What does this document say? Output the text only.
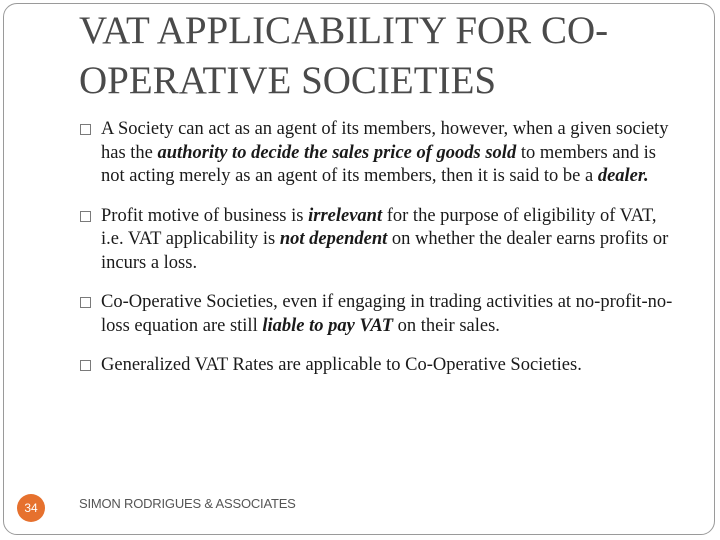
VAT APPLICABILITY FOR CO-OPERATIVE SOCIETIES
A Society can act as an agent of its members, however, when a given society has the authority to decide the sales price of goods sold to members and is not acting merely as an agent of its members, then it is said to be a dealer.
Profit motive of business is irrelevant for the purpose of eligibility of VAT, i.e. VAT applicability is not dependent on whether the dealer earns profits or incurs a loss.
Co-Operative Societies, even if engaging in trading activities at no-profit-no-loss equation are still liable to pay VAT on their sales.
Generalized VAT Rates are applicable to Co-Operative Societies.
34	SIMON RODRIGUES & ASSOCIATES
